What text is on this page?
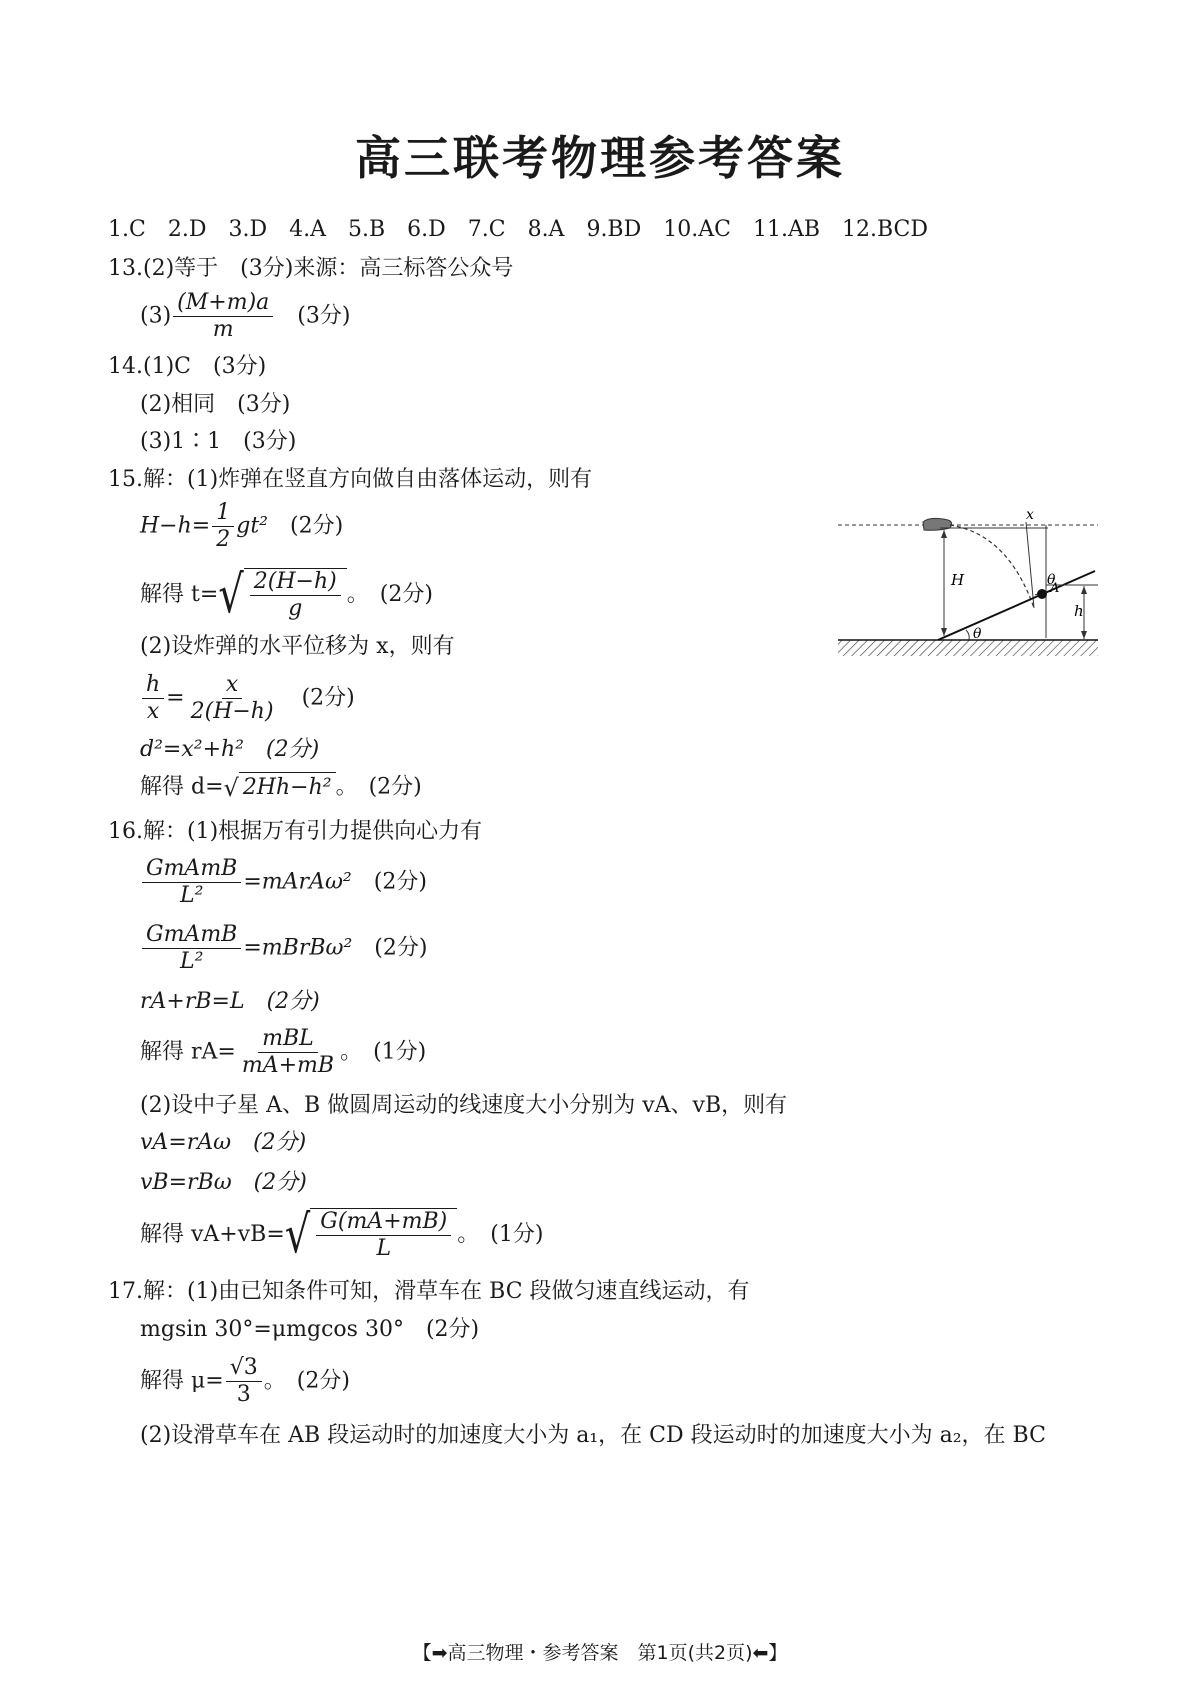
高三联考物理参考答案
1.C　2.D　3.D　4.A　5.B　6.D　7.C　8.A　9.BD　10.AC　11.AB　12.BCD
13.(2)等于　(3分)来源：高三标答公众号
$(3) \frac{(M+m)a}{m}$
　 (3分)
14.(1)C　(3分)
(2)相同　(3分)
(3)1∶1　(3分)
15.解：(1)炸弹在竖直方向做自由落体运动，则有
$H-h= \frac{1}{2} gt^2$　 (2分)
解得 t= √ $\frac{2(H-h)}{g}$ 。　(2分)
(2)设炸弹的水平位移为 x，则有
$\frac{h}{x} = \frac{x}{2(H-h)}$
　 (2分)
d²=x²+h²　(2分)
解得 d= √ 2Hh−h² 。　(2分)
16.解：(1)根据万有引力提供向心力有
$\frac{\text{GmAmB}}{\text{L²}}$ =mArAω²　 (2分)
$\frac{\text{GmAmB}}{\text{L²}}$ =mBrBω²　 (2分)
rA+rB=L　(2分)
解得 $rA= \frac{\text{mBL}}{mA+mB}$ 。　(1分)
(2)设中子星 A、B 做圆周运动的线速度大小分别为 vA、vB，则有
vA=rAω　(2分)
vB=rBω　(2分)
解得 vA+vB= √ $\frac{G(mA+mB)}{L}$ 。　(1分)
17.解：(1)由已知条件可知，滑草车在 BC 段做匀速直线运动，有
mgsin 30°=μmgcos 30°　(2分)
解得 $\mu= \frac{√3}{3}$ 。　(2分)
(2)设滑草车在 AB 段运动时的加速度大小为 a₁，在 CD 段运动时的加速度大小为 a₂，在 BC
x
H
h
θ
θ
A
【➡高三物理・参考答案　第1页(共2页)⬅】
